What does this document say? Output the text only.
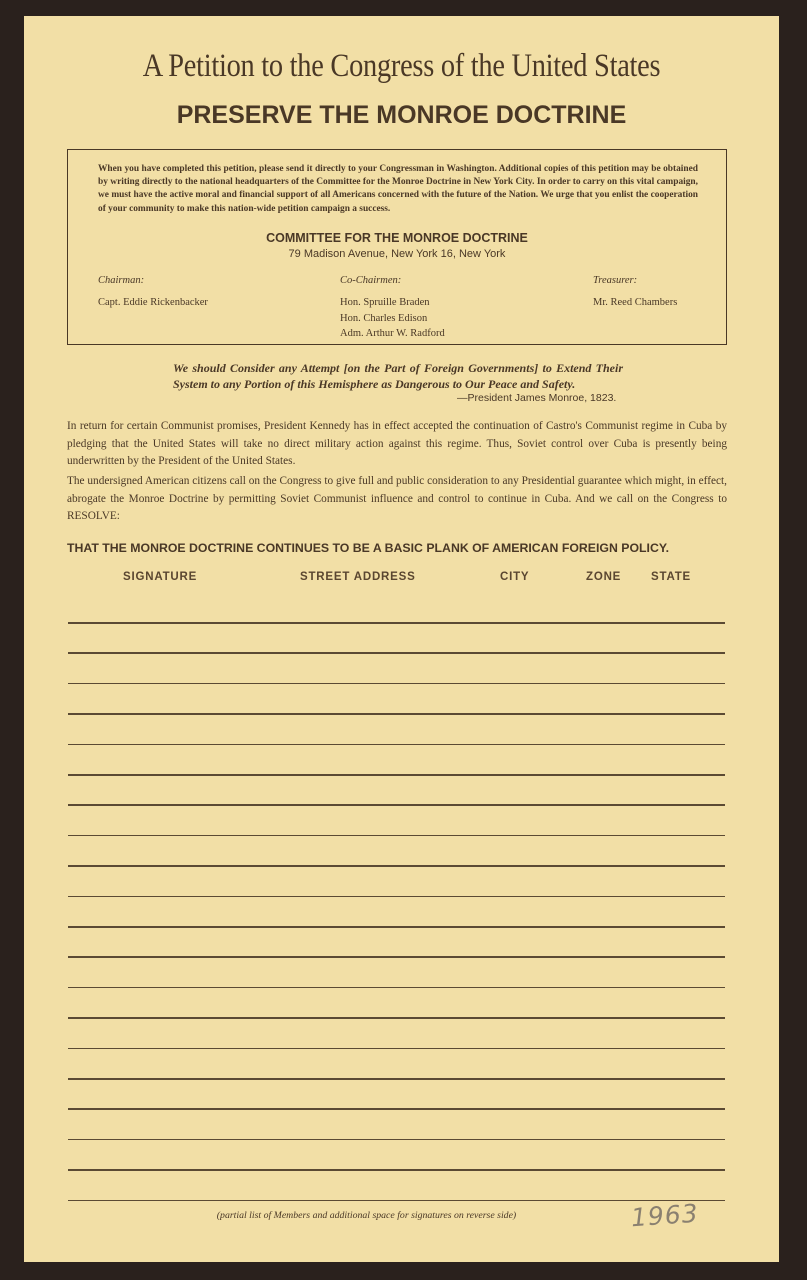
A Petition to the Congress of the United States
PRESERVE THE MONROE DOCTRINE
When you have completed this petition, please send it directly to your Congressman in Washington. Additional copies of this petition may be obtained by writing directly to the national headquarters of the Committee for the Monroe Doctrine in New York City. In order to carry on this vital campaign, we must have the active moral and financial support of all Americans concerned with the future of the Nation. We urge that you enlist the cooperation of your community to make this nation-wide petition campaign a success.
COMMITTEE FOR THE MONROE DOCTRINE
79 Madison Avenue, New York 16, New York
Chairman:
Capt. Eddie Rickenbacker
Co-Chairmen:
Hon. Spruille Braden
Hon. Charles Edison
Adm. Arthur W. Radford
Treasurer:
Mr. Reed Chambers
We should Consider any Attempt [on the Part of Foreign Governments] to Extend Their System to any Portion of this Hemisphere as Dangerous to Our Peace and Safety.
—President James Monroe, 1823.
In return for certain Communist promises, President Kennedy has in effect accepted the continuation of Castro's Communist regime in Cuba by pledging that the United States will take no direct military action against this regime. Thus, Soviet control over Cuba is presently being underwritten by the President of the United States.
The undersigned American citizens call on the Congress to give full and public consideration to any Presidential guarantee which might, in effect, abrogate the Monroe Doctrine by permitting Soviet Communist influence and control to continue in Cuba. And we call on the Congress to RESOLVE:
THAT THE MONROE DOCTRINE CONTINUES TO BE A BASIC PLANK OF AMERICAN FOREIGN POLICY.
SIGNATURE	STREET ADDRESS	CITY	ZONE	STATE
(partial list of Members and additional space for signatures on reverse side)	1963
